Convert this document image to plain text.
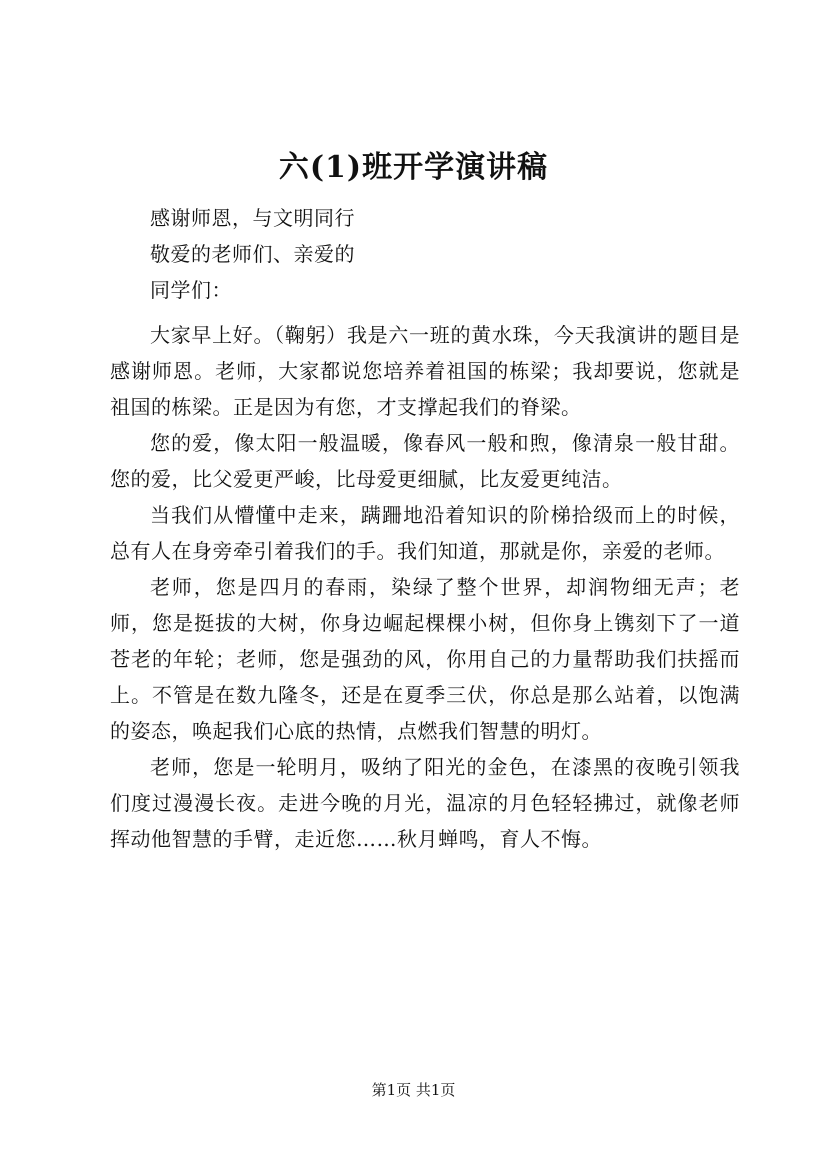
六(1)班开学演讲稿

感谢师恩，与文明同行

敬爱的老师们、亲爱的

同学们：

大家早上好。（鞠躬）我是六一班的黄水珠，今天我演讲的题目是感谢师恩。老师，大家都说您培养着祖国的栋梁；我却要说，您就是祖国的栋梁。正是因为有您，才支撑起我们的脊梁。

您的爱，像太阳一般温暖，像春风一般和煦，像清泉一般甘甜。您的爱，比父爱更严峻，比母爱更细腻，比友爱更纯洁。

当我们从懵懂中走来，蹒跚地沿着知识的阶梯拾级而上的时候，总有人在身旁牵引着我们的手。我们知道，那就是你，亲爱的老师。

老师，您是四月的春雨，染绿了整个世界，却润物细无声；老师，您是挺拔的大树，你身边崛起棵棵小树，但你身上镌刻下了一道苍老的年轮；老师，您是强劲的风，你用自己的力量帮助我们扶摇而上。不管是在数九隆冬，还是在夏季三伏，你总是那么站着，以饱满的姿态，唤起我们心底的热情，点燃我们智慧的明灯。

老师，您是一轮明月，吸纳了阳光的金色，在漆黑的夜晚引领我们度过漫漫长夜。走进今晚的月光，温凉的月色轻轻拂过，就像老师挥动他智慧的手臂，走近您……秋月蝉鸣，育人不悔。

第1页 共1页
